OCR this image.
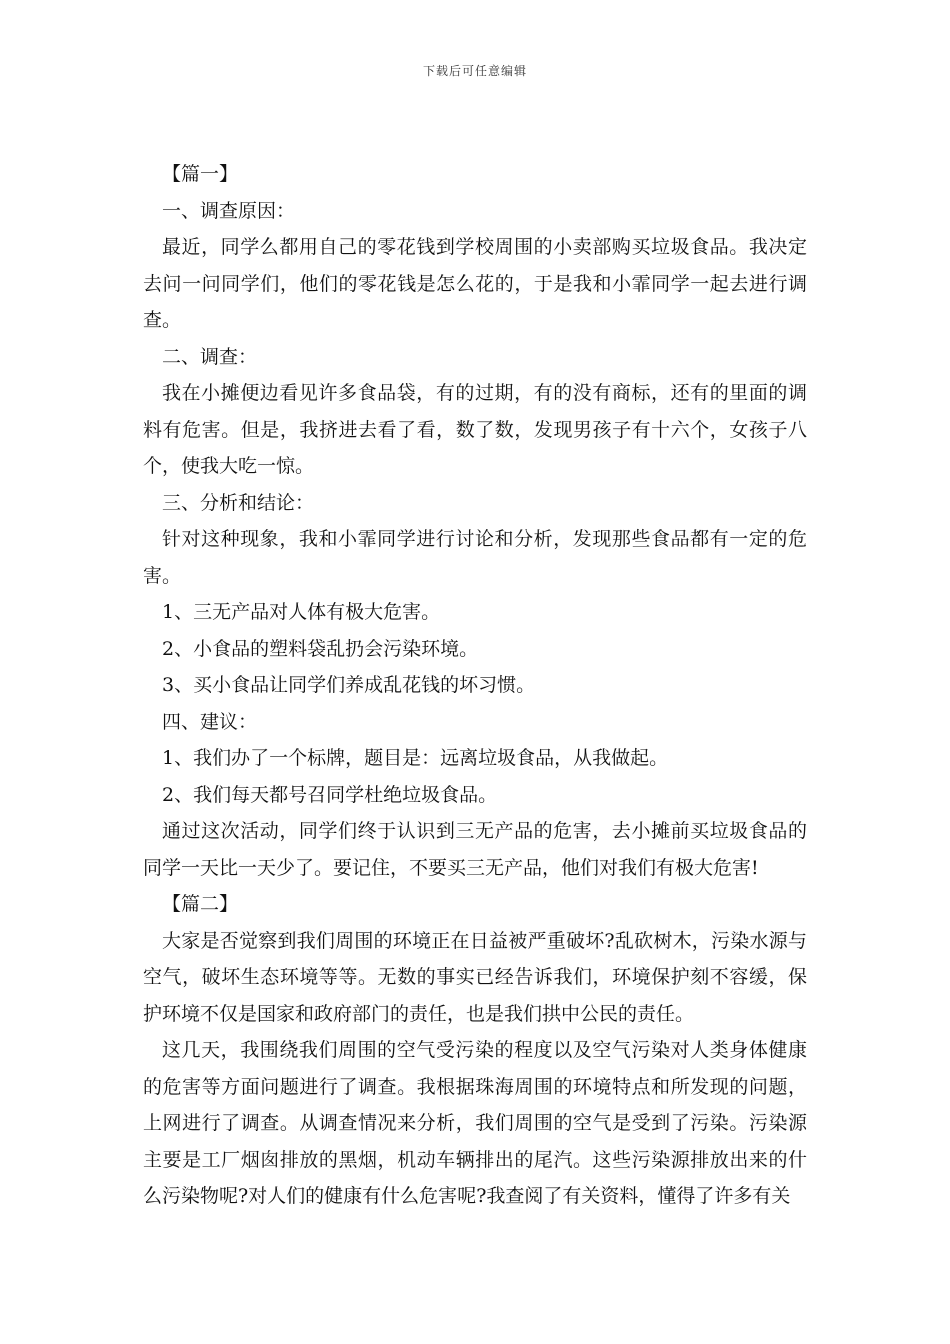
下载后可任意编辑

【篇一】

一、调查原因：

最近，同学么都用自己的零花钱到学校周围的小卖部购买垃圾食品。我决定去问一问同学们，他们的零花钱是怎么花的，于是我和小霏同学一起去进行调查。

二、调查：

我在小摊便边看见许多食品袋，有的过期，有的没有商标，还有的里面的调料有危害。但是，我挤进去看了看，数了数，发现男孩子有十六个，女孩子八个，使我大吃一惊。

三、分析和结论：

针对这种现象，我和小霏同学进行讨论和分析，发现那些食品都有一定的危害。

1、三无产品对人体有极大危害。

2、小食品的塑料袋乱扔会污染环境。

3、买小食品让同学们养成乱花钱的坏习惯。

四、建议：

1、我们办了一个标牌，题目是：远离垃圾食品，从我做起。

2、我们每天都号召同学杜绝垃圾食品。

通过这次活动，同学们终于认识到三无产品的危害，去小摊前买垃圾食品的同学一天比一天少了。要记住，不要买三无产品，他们对我们有极大危害!

【篇二】

大家是否觉察到我们周围的环境正在日益被严重破坏?乱砍树木，污染水源与空气，破坏生态环境等等。无数的事实已经告诉我们，环境保护刻不容缓，保护环境不仅是国家和政府部门的责任，也是我们拱中公民的责任。

这几天，我围绕我们周围的空气受污染的程度以及空气污染对人类身体健康的危害等方面问题进行了调查。我根据珠海周围的环境特点和所发现的问题，上网进行了调查。从调查情况来分析，我们周围的空气是受到了污染。污染源主要是工厂烟囱排放的黑烟，机动车辆排出的尾汽。这些污染源排放出来的什么污染物呢?对人们的健康有什么危害呢?我查阅了有关资料，懂得了许多有关
